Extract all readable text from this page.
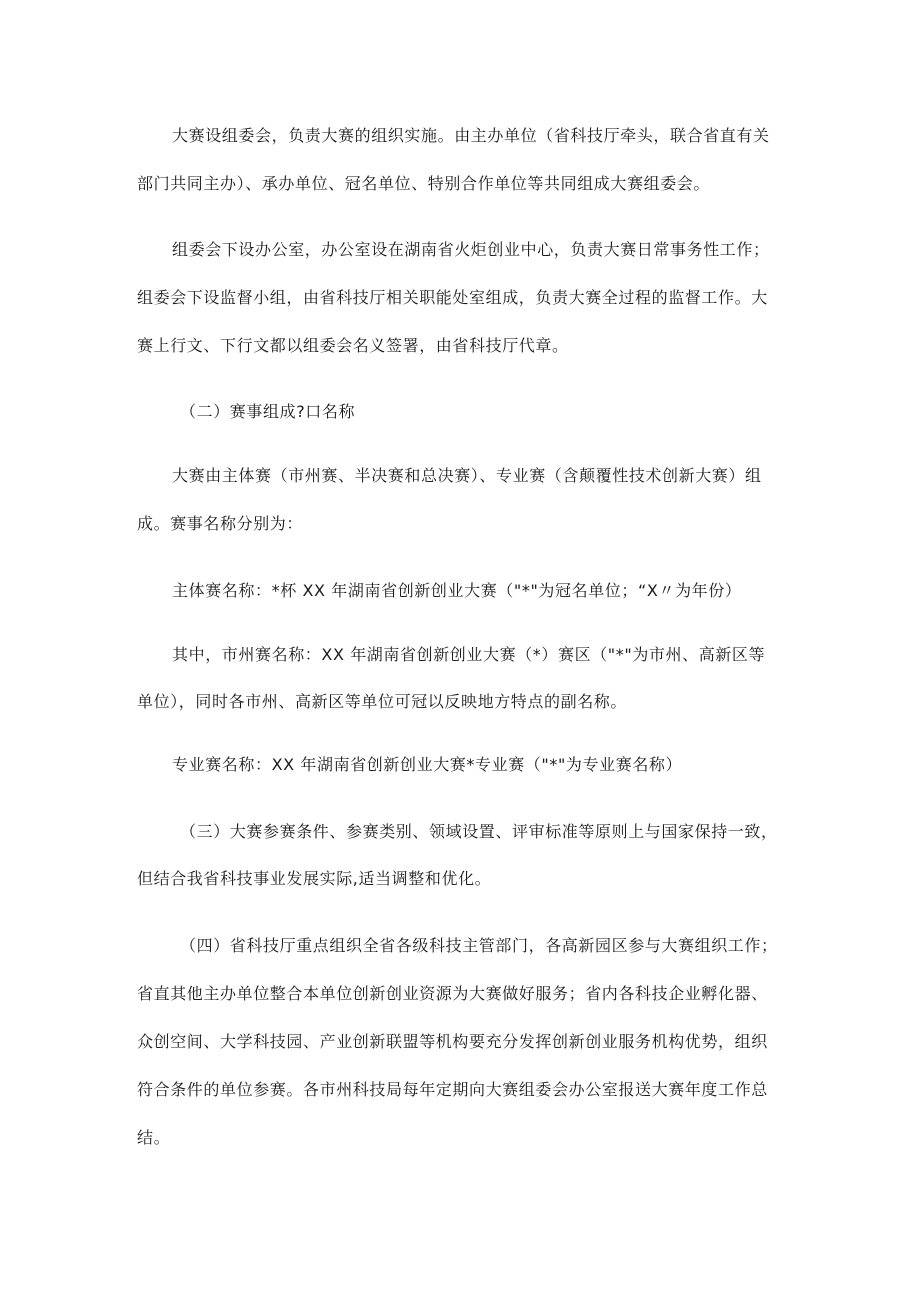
大赛设组委会，负责大赛的组织实施。由主办单位（省科技厅牵头，联合省直有关
部门共同主办）、承办单位、冠名单位、特别合作单位等共同组成大赛组委会。
组委会下设办公室，办公室设在湖南省火炬创业中心，负责大赛日常事务性工作；
组委会下设监督小组，由省科技厅相关职能处室组成，负责大赛全过程的监督工作。大
赛上行文、下行文都以组委会名义签署，由省科技厅代章。
（二）赛事组成?口名称
大赛由主体赛（市州赛、半决赛和总决赛）、专业赛（含颠覆性技术创新大赛）组
成。赛事名称分别为：
主体赛名称：*杯 XX 年湖南省创新创业大赛（"*"为冠名单位；“X〃为年份）
其中，市州赛名称：XX 年湖南省创新创业大赛（*）赛区（"*"为市州、高新区等
单位），同时各市州、高新区等单位可冠以反映地方特点的副名称。
专业赛名称：XX 年湖南省创新创业大赛*专业赛（"*"为专业赛名称）
（三）大赛参赛条件、参赛类别、领域设置、评审标准等原则上与国家保持一致，
但结合我省科技事业发展实际,适当调整和优化。
（四）省科技厅重点组织全省各级科技主管部门，各高新园区参与大赛组织工作；
省直其他主办单位整合本单位创新创业资源为大赛做好服务；省内各科技企业孵化器、
众创空间、大学科技园、产业创新联盟等机构要充分发挥创新创业服务机构优势，组织
符合条件的单位参赛。各市州科技局每年定期向大赛组委会办公室报送大赛年度工作总
结。
